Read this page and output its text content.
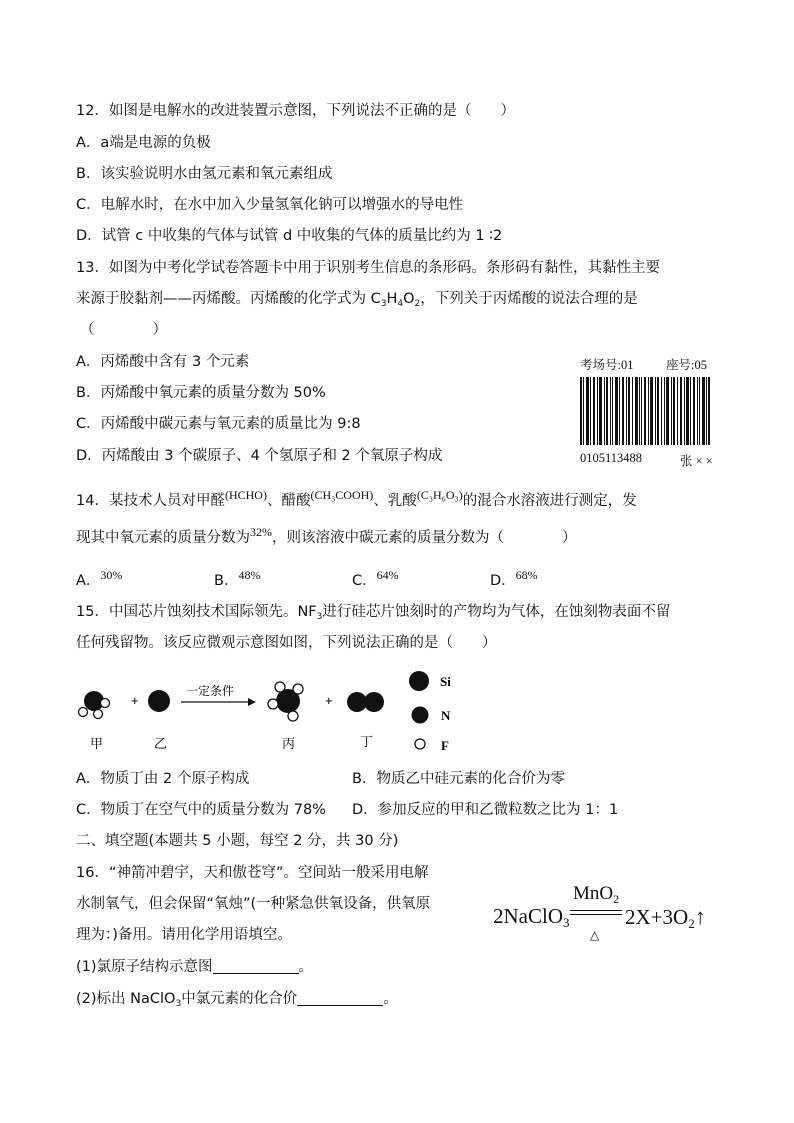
12．如图是电解水的改进装置示意图，下列说法不正确的是（　　）
A．a端是电源的负极
B．该实验说明水由氢元素和氧元素组成
C．电解水时，在水中加入少量氢氧化钠可以增强水的导电性
D．试管 c 中收集的气体与试管 d 中收集的气体的质量比约为 1 ∶2
13．如图为中考化学试卷答题卡中用于识别考生信息的条形码。条形码有黏性，其黏性主要
来源于胶黏剂——丙烯酸。丙烯酸的化学式为 $C_3H_4O_2$，下列关于丙烯酸的说法合理的是
（　　　　）
A．丙烯酸中含有 3 个元素
B．丙烯酸中氧元素的质量分数为 50%
C．丙烯酸中碳元素与氧元素的质量比为 9:8
D．丙烯酸由 3 个碳原子、4 个氢原子和 2 个氧原子构成
考场号:01	座号:05
0105113488	张 × ×
14．某技术人员对甲醛$^{(HCHO)}$、醋酸$^{(CH_3COOH)}$、乳酸$^{(C_3H_6O_3)}$的混合水溶液进行测定，发
现其中氧元素的质量分数为$^{32\%}$，则该溶液中碳元素的质量分数为（　　　　）
A．$^{30\%}$	B．$^{48\%}$	C．$^{64\%}$	D．$^{68\%}$
15．中国芯片蚀刻技术国际领先。$NF_3$进行硅芯片蚀刻时的产物均为气体，在蚀刻物表面不留
任何残留物。该反应微观示意图如图，下列说法正确的是（　　）
+
一定条件
+
甲	乙	丙	丁
Si
N
F
A．物质丁由 2 个原子构成	B．物质乙中硅元素的化合价为零
C．物质丁在空气中的质量分数为 78% D．参加反应的甲和乙微粒数之比为 1：1
二、填空题(本题共 5 小题，每空 2 分，共 30 分)
16．“神箭冲碧宇，天和傲苍穹”。空间站一般采用电解
水制氧气，但会保留“氧烛”(一种紧急供氧设备，供氧原
理为：)备用。请用化学用语填空。
(1)氯原子结构示意图	。
(2)标出 NaClO$_3$中氯元素的化合价	。
2NaClO3
MnO$_2$
△
2X+3O2↑
